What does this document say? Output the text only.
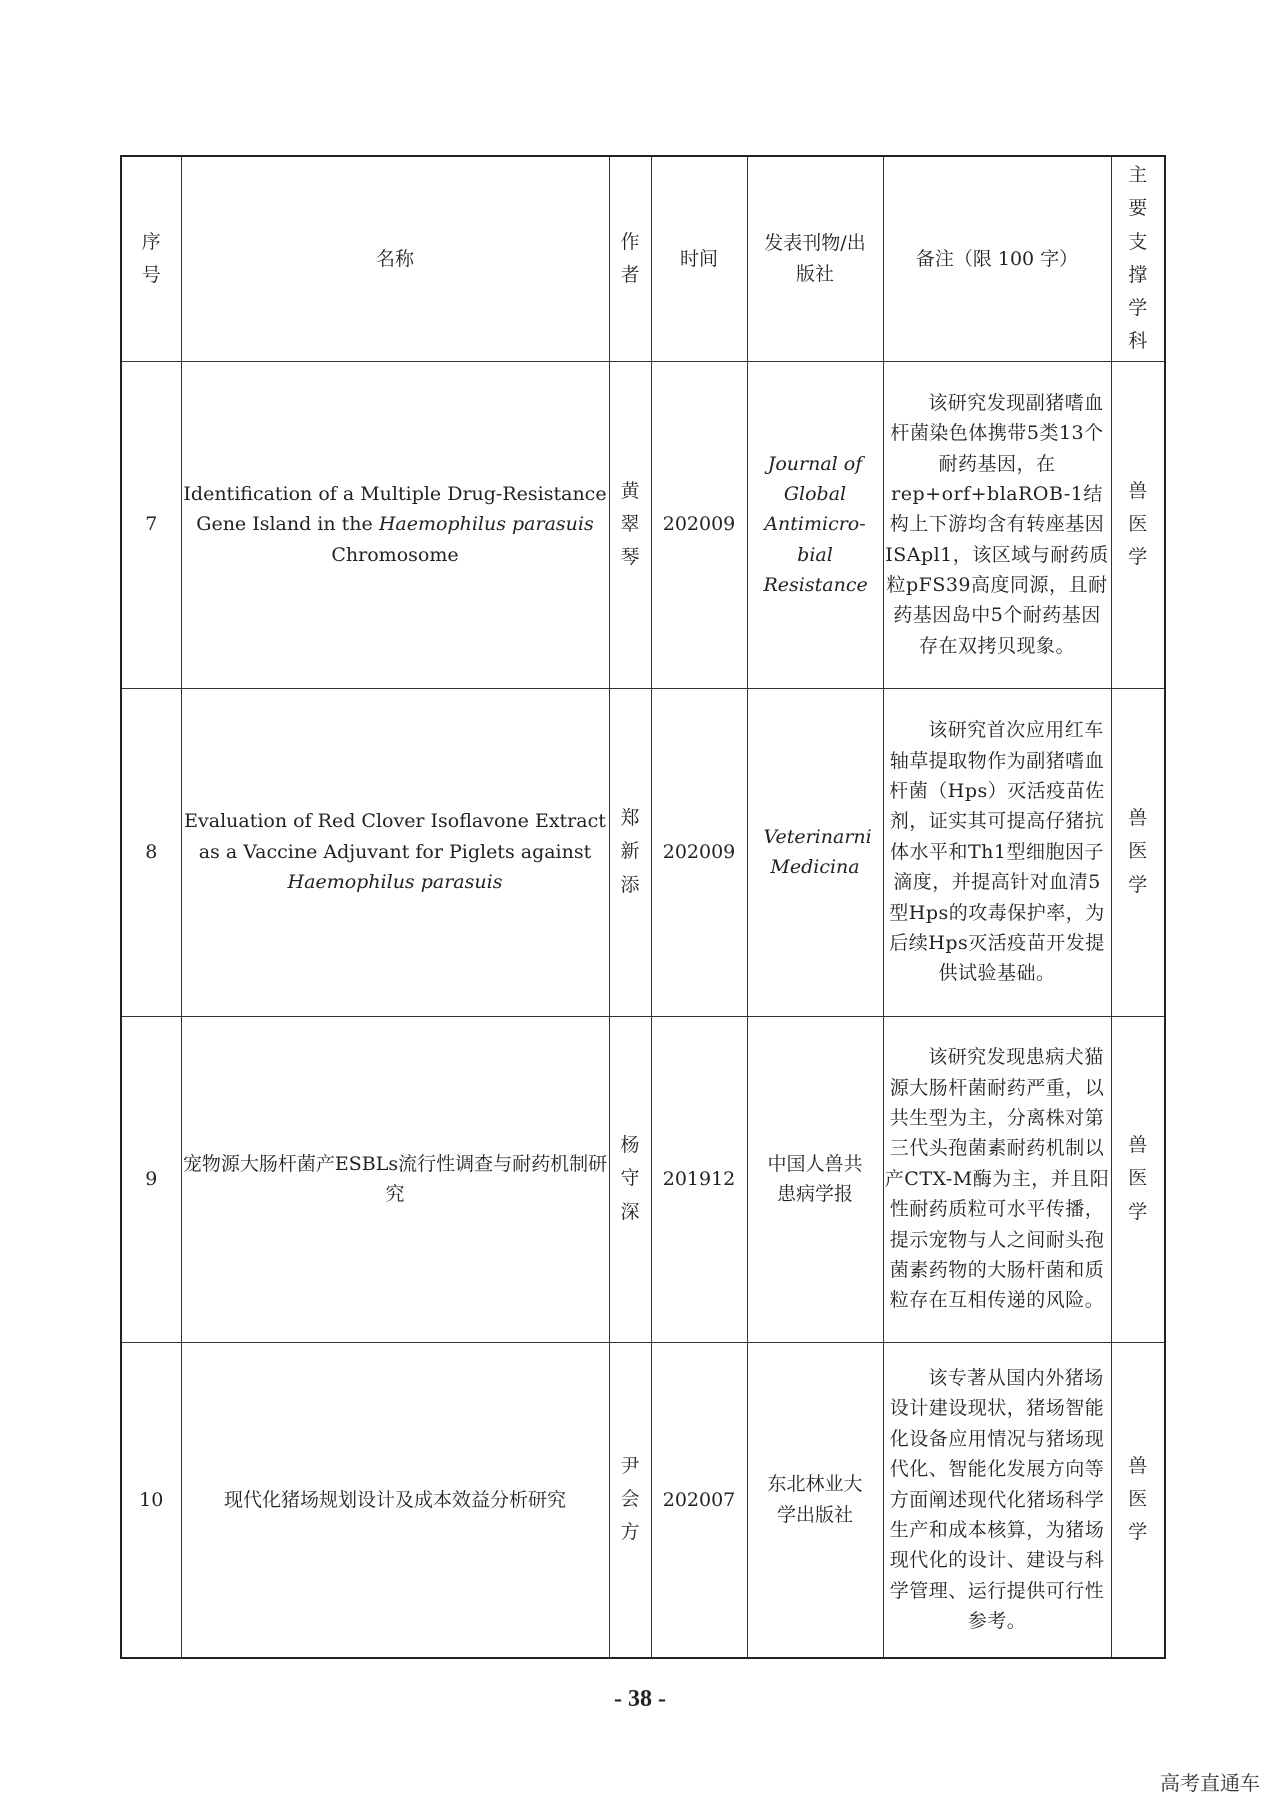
序号	名称	作者	时间	发表刊物/出版社	备注（限 100 字）	主要支撑学科
7	Identification of a Multiple Drug-Resistance Gene Island in the Haemophilus parasuis Chromosome	黄翠琴	202009	Journal of Global Antimicro-bial Resistance	该研究发现副猪嗜血杆菌染色体携带5类13个耐药基因，在rep+orf+blaROB-1结构上下游均含有转座基因ISApl1，该区域与耐药质粒pFS39高度同源，且耐药基因岛中5个耐药基因存在双拷贝现象。	兽医学
8	Evaluation of Red Clover Isoflavone Extract as a Vaccine Adjuvant for Piglets against Haemophilus parasuis	郑新添	202009	Veterinarni Medicina	该研究首次应用红车轴草提取物作为副猪嗜血杆菌（Hps）灭活疫苗佐剂，证实其可提高仔猪抗体水平和Th1型细胞因子滴度，并提高针对血清5型Hps的攻毒保护率，为后续Hps灭活疫苗开发提供试验基础。	兽医学
9	宠物源大肠杆菌产ESBLs流行性调查与耐药机制研究	杨守深	201912	中国人兽共患病学报	该研究发现患病犬猫源大肠杆菌耐药严重，以共生型为主，分离株对第三代头孢菌素耐药机制以产CTX-M酶为主，并且阳性耐药质粒可水平传播，提示宠物与人之间耐头孢菌素药物的大肠杆菌和质粒存在互相传递的风险。	兽医学
10	现代化猪场规划设计及成本效益分析研究	尹会方	202007	东北林业大学出版社	该专著从国内外猪场设计建设现状，猪场智能化设备应用情况与猪场现代化、智能化发展方向等方面阐述现代化猪场科学生产和成本核算，为猪场现代化的设计、建设与科学管理、运行提供可行性参考。	兽医学
- 38 -
高考直通车
